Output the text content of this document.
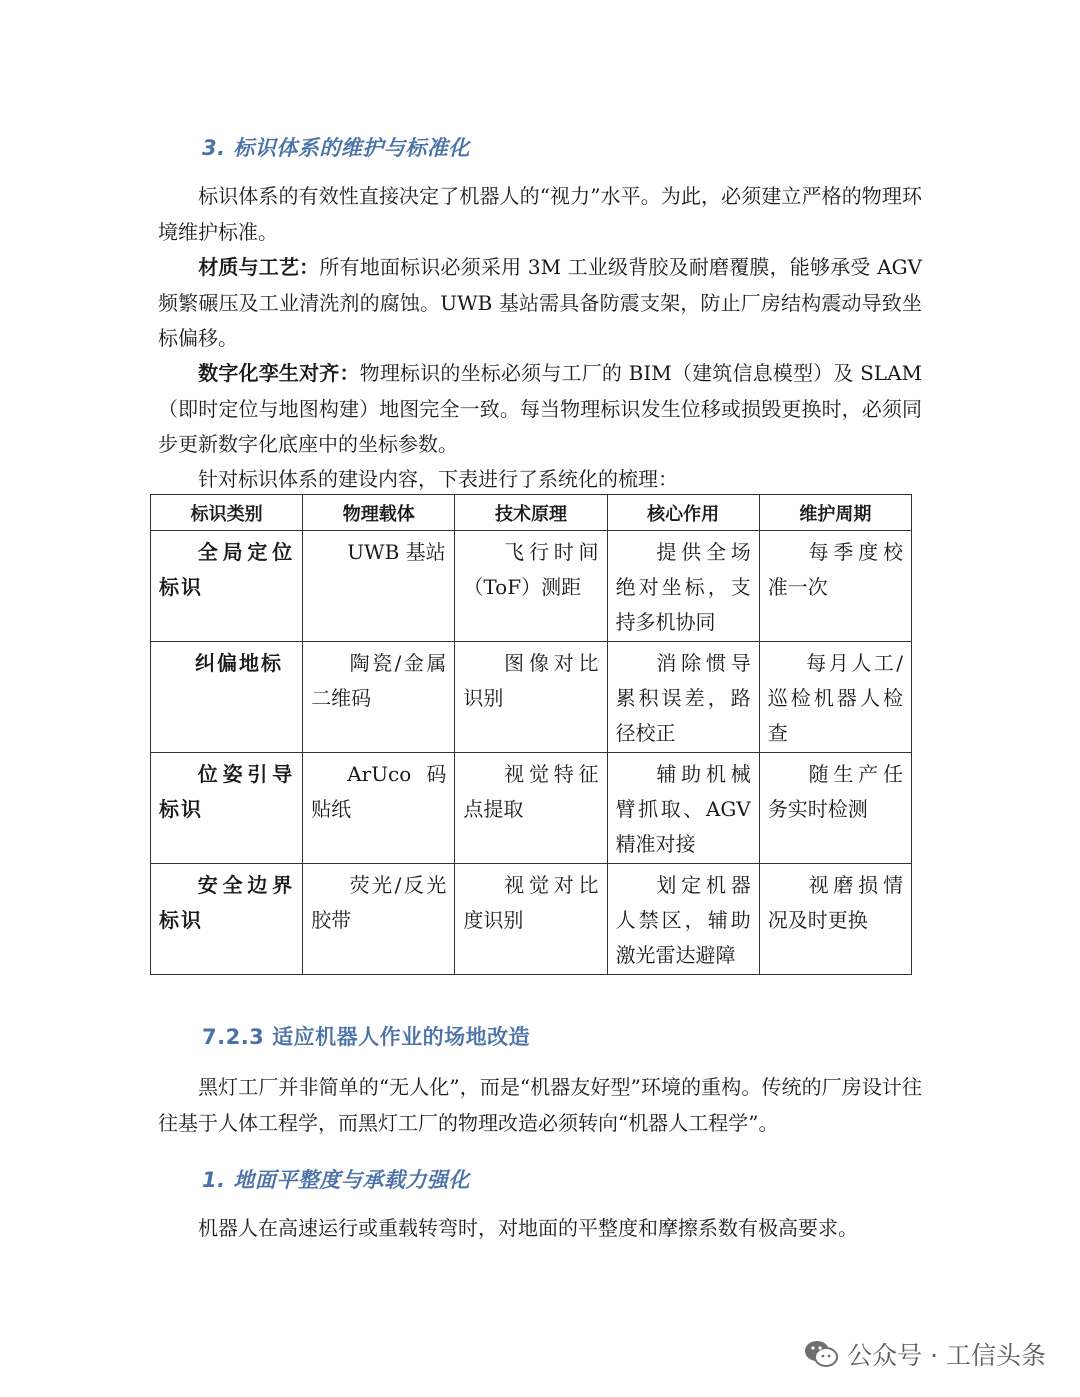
3. 标识体系的维护与标准化
标识体系的有效性直接决定了机器人的“视力”水平。为此，必须建立严格的物理环境维护标准。
材质与工艺：所有地面标识必须采用 3M 工业级背胶及耐磨覆膜，能够承受 AGV 频繁碾压及工业清洗剂的腐蚀。UWB 基站需具备防震支架，防止厂房结构震动导致坐标偏移。
数字化孪生对齐：物理标识的坐标必须与工厂的 BIM（建筑信息模型）及 SLAM（即时定位与地图构建）地图完全一致。每当物理标识发生位移或损毁更换时，必须同步更新数字化底座中的坐标参数。
针对标识体系的建设内容，下表进行了系统化的梳理：
标识类别	物理载体	技术原理	核心作用	维护周期
全局定位标识	UWB 基站	飞行时间（ToF）测距	提供全场绝对坐标，支持多机协同	每季度校准一次
纠偏地标	陶瓷/金属二维码	图像对比识别	消除惯导累积误差，路径校正	每月人工/巡检机器人检查
位姿引导标识	ArUco 码贴纸	视觉特征点提取	辅助机械臂抓取、AGV 精准对接	随生产任务实时检测
安全边界标识	荧光/反光胶带	视觉对比度识别	划定机器人禁区，辅助激光雷达避障	视磨损情况及时更换
7.2.3 适应机器人作业的场地改造
黑灯工厂并非简单的“无人化”，而是“机器友好型”环境的重构。传统的厂房设计往往基于人体工程学，而黑灯工厂的物理改造必须转向“机器人工程学”。
1. 地面平整度与承载力强化
机器人在高速运行或重载转弯时，对地面的平整度和摩擦系数有极高要求。
公众号 · 工信头条
